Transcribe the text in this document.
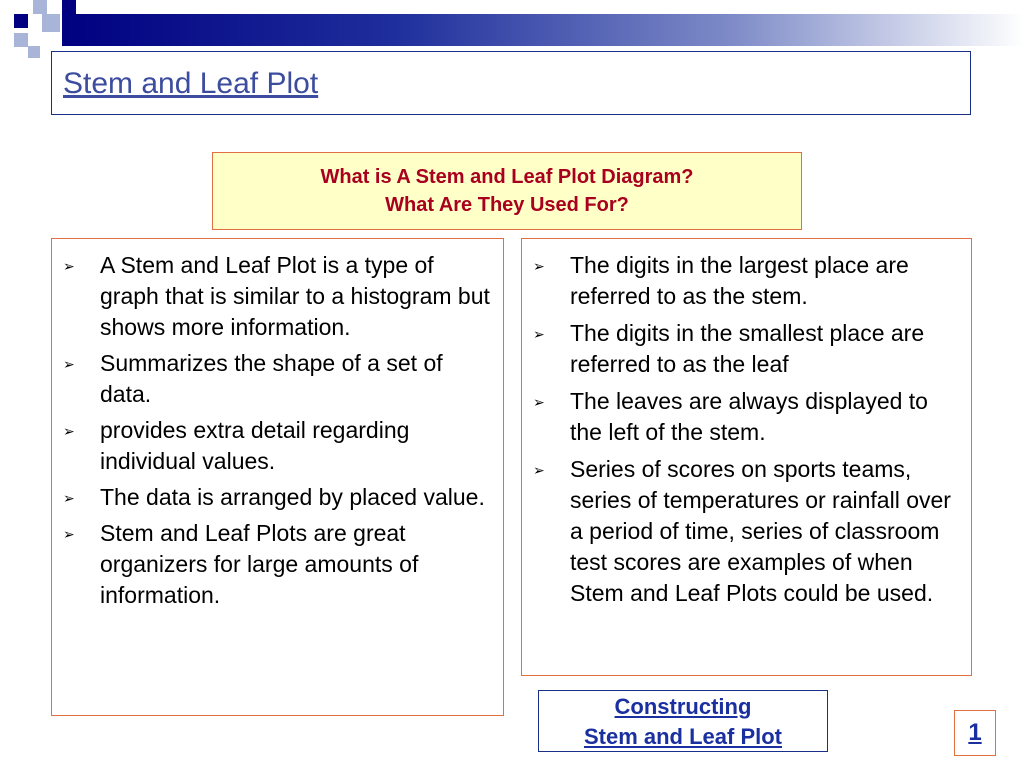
Stem and Leaf Plot
What is A Stem and Leaf Plot Diagram?
What Are They Used For?
➢ A Stem and Leaf Plot is a type of graph that is similar to a histogram but shows more information.
➢ Summarizes the shape of a set of data.
➢ provides extra detail regarding individual values.
➢ The data is arranged by placed value.
➢ Stem and Leaf Plots are great organizers for large amounts of information.
➢ The digits in the largest place are referred to as the stem.
➢ The digits in the smallest place are referred to as the leaf
➢ The leaves are always displayed to the left of the stem.
➢ Series of scores on sports teams, series of temperatures or rainfall over a period of time, series of classroom test scores are examples of when Stem and Leaf Plots could be used.
Constructing
Stem and Leaf Plot	1
